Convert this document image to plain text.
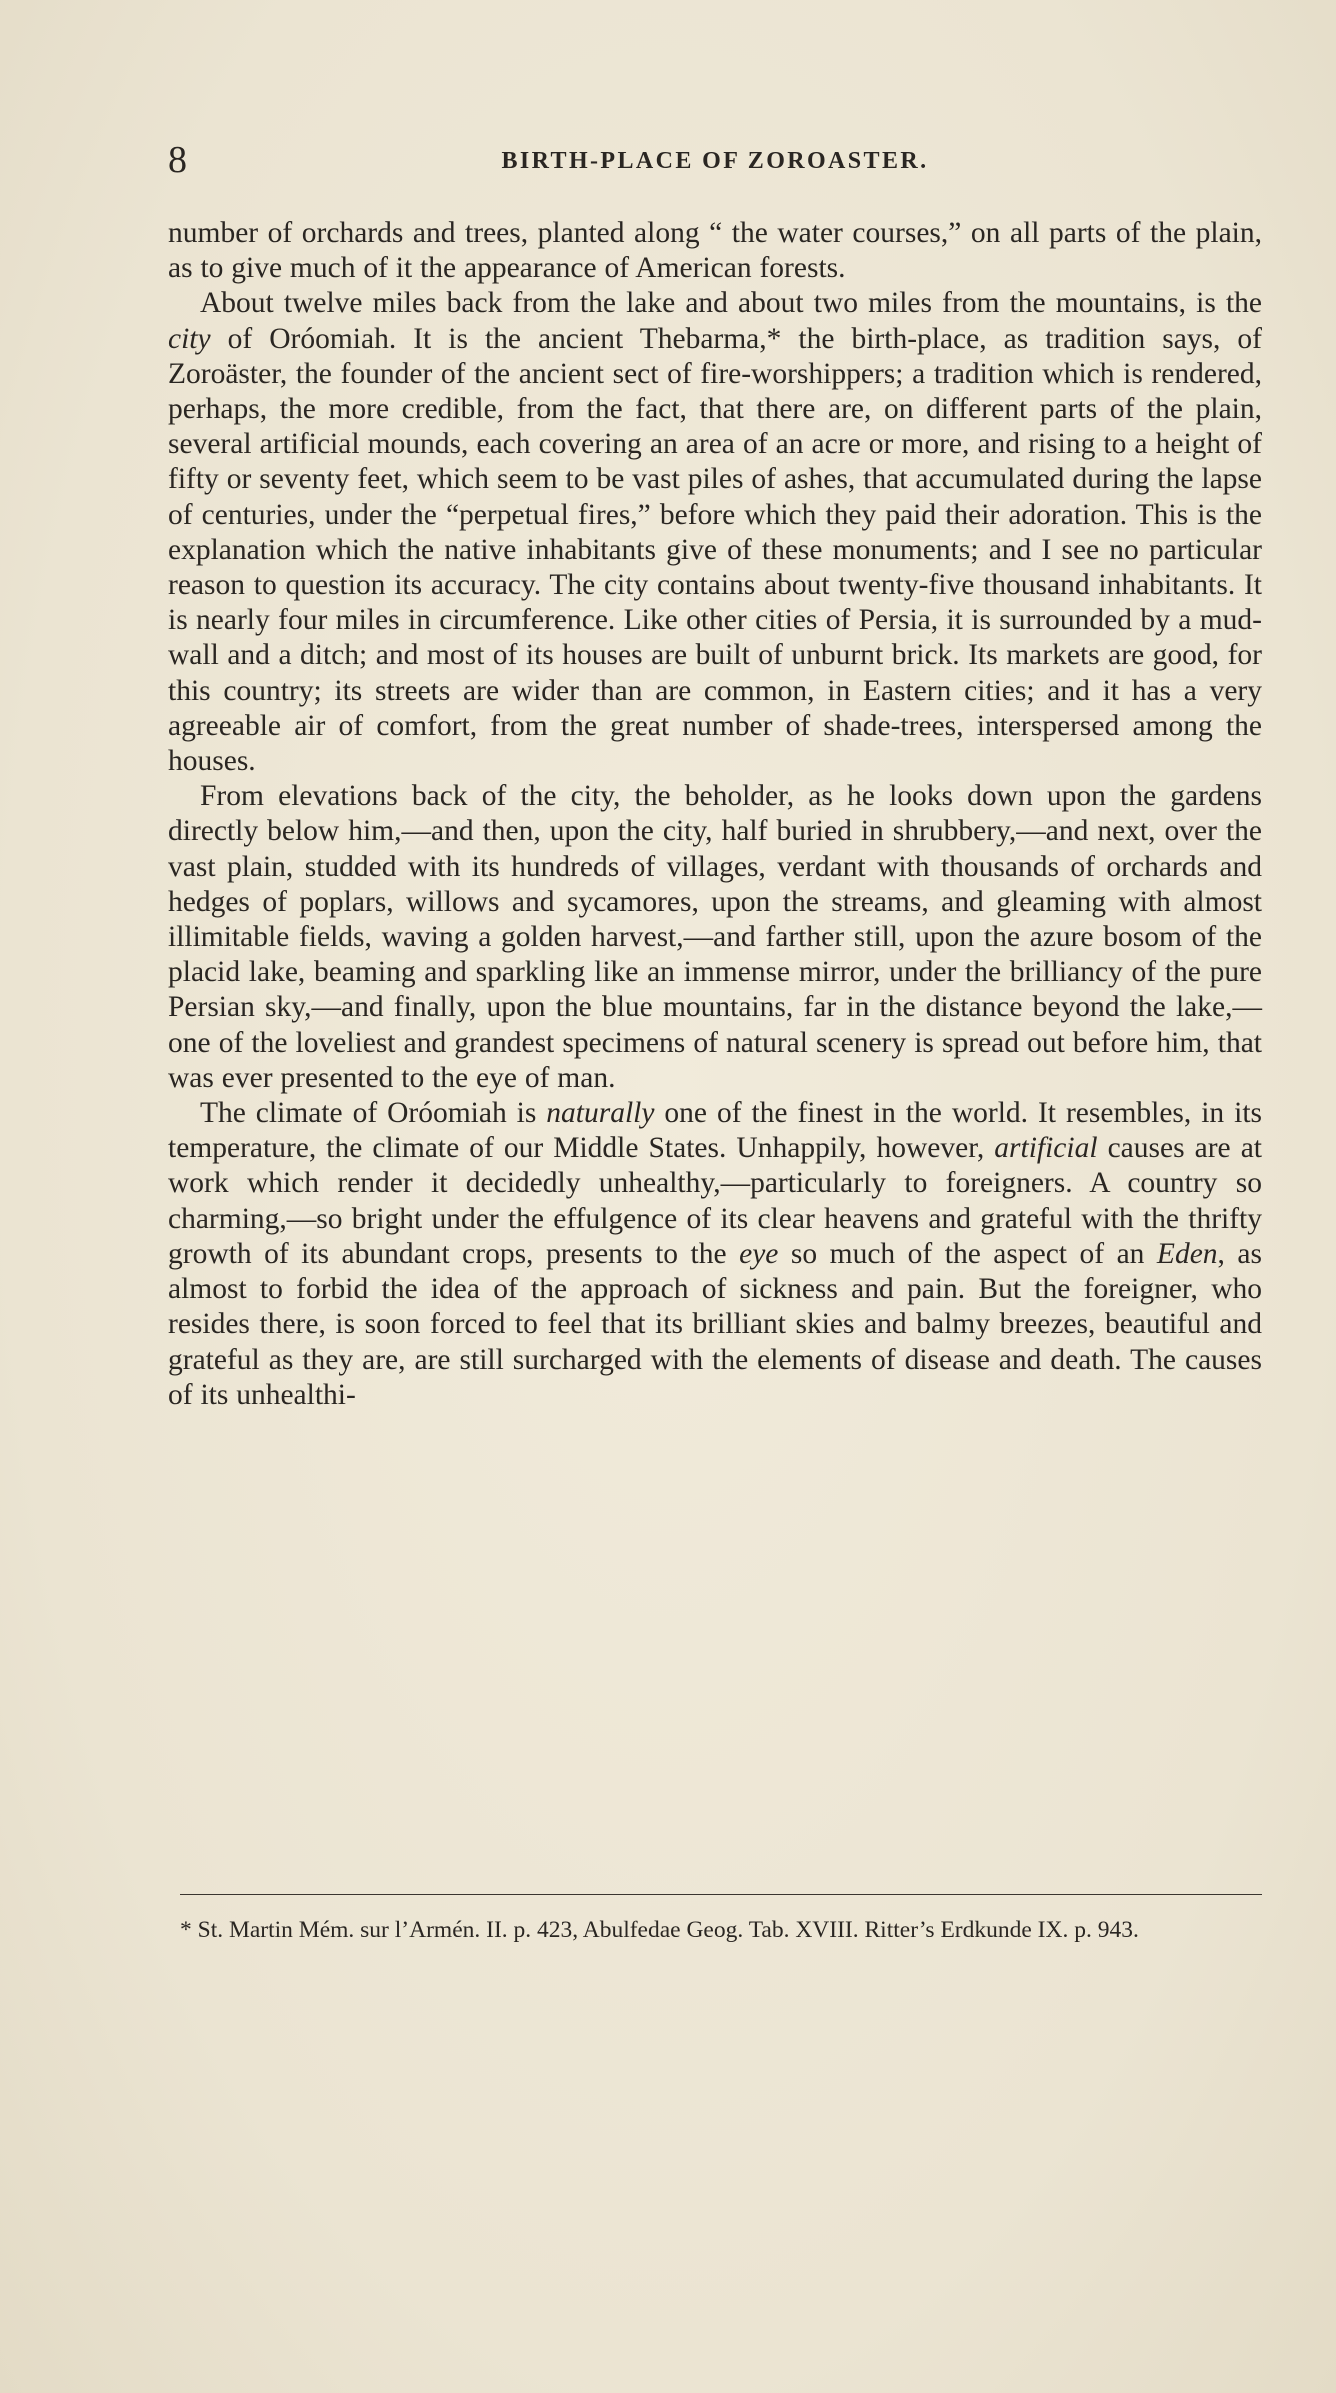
8	BIRTH-PLACE OF ZOROASTER.

number of orchards and trees, planted along “ the water courses,” on all parts of the plain, as to give much of it the appearance of American forests.

About twelve miles back from the lake and about two miles from the mountains, is the city of Oróomiah. It is the ancient Thebarma,* the birth-place, as tradition says, of Zoroäster, the founder of the ancient sect of fire-worshippers; a tradition which is rendered, perhaps, the more credible, from the fact, that there are, on different parts of the plain, several artificial mounds, each covering an area of an acre or more, and rising to a height of fifty or seventy feet, which seem to be vast piles of ashes, that accumulated during the lapse of centuries, under the “perpetual fires,” before which they paid their adoration. This is the explanation which the native inhabitants give of these monuments; and I see no particular reason to question its accuracy. The city contains about twenty-five thousand inhabitants. It is nearly four miles in circumference. Like other cities of Persia, it is surrounded by a mud-wall and a ditch; and most of its houses are built of unburnt brick. Its markets are good, for this country; its streets are wider than are common, in Eastern cities; and it has a very agreeable air of comfort, from the great number of shade-trees, interspersed among the houses.

From elevations back of the city, the beholder, as he looks down upon the gardens directly below him,—and then, upon the city, half buried in shrubbery,—and next, over the vast plain, studded with its hundreds of villages, verdant with thousands of orchards and hedges of poplars, willows and sycamores, upon the streams, and gleaming with almost illimitable fields, waving a golden harvest,—and farther still, upon the azure bosom of the placid lake, beaming and sparkling like an immense mirror, under the brilliancy of the pure Persian sky,—and finally, upon the blue mountains, far in the distance beyond the lake,—one of the loveliest and grandest specimens of natural scenery is spread out before him, that was ever presented to the eye of man.

The climate of Oróomiah is naturally one of the finest in the world. It resembles, in its temperature, the climate of our Middle States. Unhappily, however, artificial causes are at work which render it decidedly unhealthy,—particularly to foreigners. A country so charming,—so bright under the effulgence of its clear heavens and grateful with the thrifty growth of its abundant crops, presents to the eye so much of the aspect of an Eden, as almost to forbid the idea of the approach of sickness and pain. But the foreigner, who resides there, is soon forced to feel that its brilliant skies and balmy breezes, beautiful and grateful as they are, are still surcharged with the elements of disease and death. The causes of its unhealthi-

* St. Martin Mém. sur l’Armén. II. p. 423, Abulfedae Geog. Tab. XVIII. Ritter’s Erdkunde IX. p. 943.
